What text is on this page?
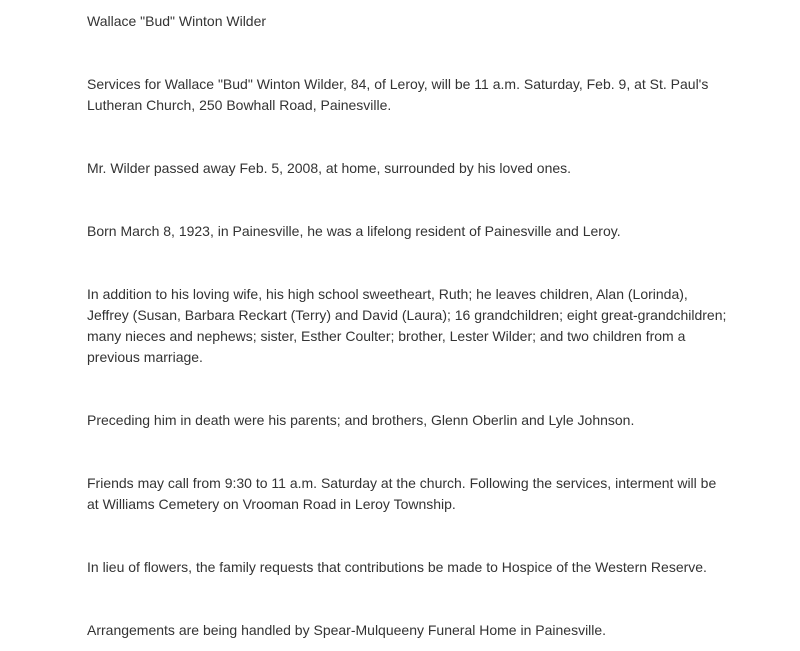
Wallace "Bud" Winton Wilder

Services for Wallace "Bud" Winton Wilder, 84, of Leroy, will be 11 a.m. Saturday, Feb. 9, at St. Paul's Lutheran Church, 250 Bowhall Road, Painesville.

Mr. Wilder passed away Feb. 5, 2008, at home, surrounded by his loved ones.

Born March 8, 1923, in Painesville, he was a lifelong resident of Painesville and Leroy.

In addition to his loving wife, his high school sweetheart, Ruth; he leaves children, Alan (Lorinda), Jeffrey (Susan, Barbara Reckart (Terry) and David (Laura); 16 grandchildren; eight great-grandchildren; many nieces and nephews; sister, Esther Coulter; brother, Lester Wilder; and two children from a previous marriage.

Preceding him in death were his parents; and brothers, Glenn Oberlin and Lyle Johnson.

Friends may call from 9:30 to 11 a.m. Saturday at the church. Following the services, interment will be at Williams Cemetery on Vrooman Road in Leroy Township.

In lieu of flowers, the family requests that contributions be made to Hospice of the Western Reserve.

Arrangements are being handled by Spear-Mulqueeny Funeral Home in Painesville.
